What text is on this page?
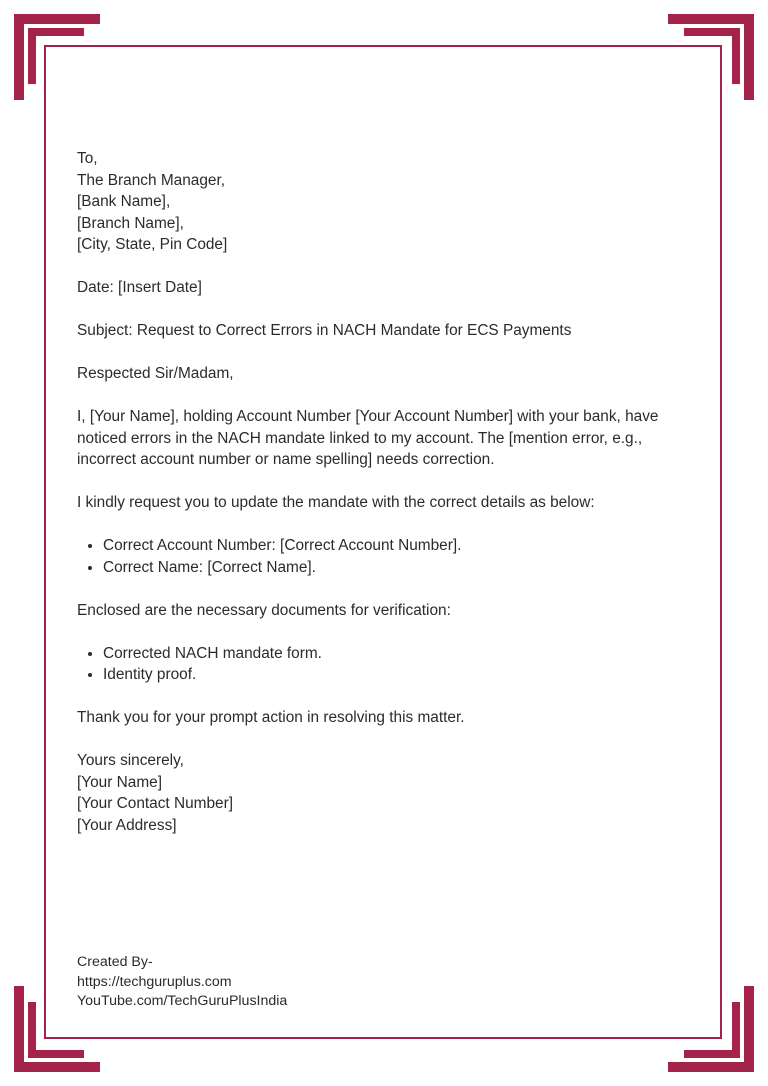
To,
The Branch Manager,
[Bank Name],
[Branch Name],
[City, State, Pin Code]

Date: [Insert Date]

Subject: Request to Correct Errors in NACH Mandate for ECS Payments

Respected Sir/Madam,

I, [Your Name], holding Account Number [Your Account Number] with your bank, have noticed errors in the NACH mandate linked to my account. The [mention error, e.g., incorrect account number or name spelling] needs correction.

I kindly request you to update the mandate with the correct details as below:

• Correct Account Number: [Correct Account Number].
• Correct Name: [Correct Name].

Enclosed are the necessary documents for verification:

• Corrected NACH mandate form.
• Identity proof.

Thank you for your prompt action in resolving this matter.

Yours sincerely,
[Your Name]
[Your Contact Number]
[Your Address]

Created By-
https://techguruplus.com
YouTube.com/TechGuruPlusIndia
